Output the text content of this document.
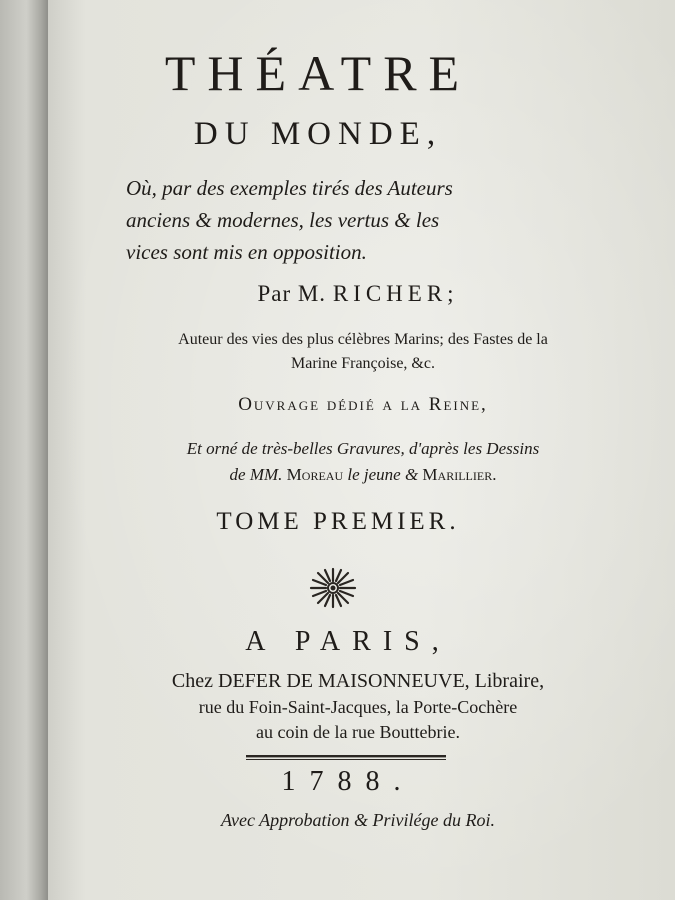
THÉATRE
DU MONDE,
Où, par des exemples tirés des Auteurs
anciens & modernes, les vertus & les
vices sont mis en opposition.
Par M. RICHER;
Auteur des vies des plus célèbres Marins; des Fastes de la
Marine Françoise, &c.
Ouvrage dédié a la Reine,
Et orné de très-belles Gravures, d'après les Dessins
de MM. Moreau le jeune & Marillier.
TOME PREMIER.
A PARIS,
Chez DEFER DE MAISONNEUVE, Libraire,
rue du Foin-Saint-Jacques, la Porte-Cochère
au coin de la rue Bouttebrie.
1788.
Avec Approbation & Privilége du Roi.
